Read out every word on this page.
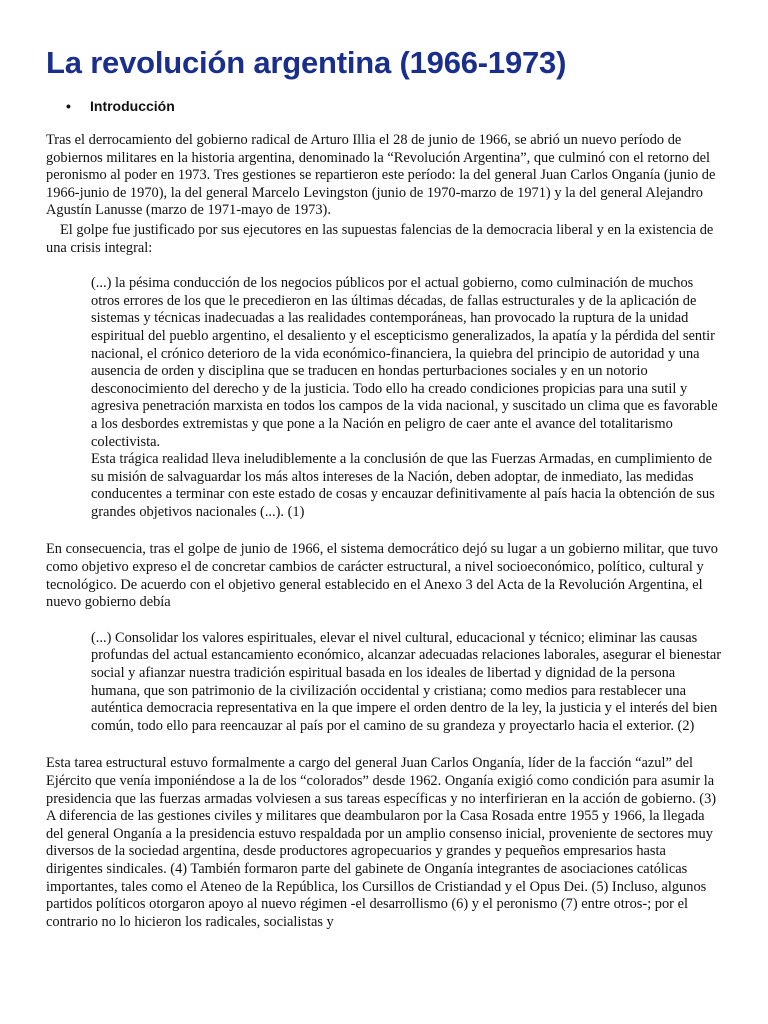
La revolución argentina (1966-1973)
• Introducción

Tras el derrocamiento del gobierno radical de Arturo Illia el 28 de junio de 1966, se abrió un nuevo período de gobiernos militares en la historia argentina, denominado la “Revolución Argentina”, que culminó con el retorno del peronismo al poder en 1973. Tres gestiones se repartieron este período: la del general Juan Carlos Onganía (junio de 1966-junio de 1970), la del general Marcelo Levingston (junio de 1970-marzo de 1971) y la del general Alejandro Agustín Lanusse (marzo de 1971-mayo de 1973).

El golpe fue justificado por sus ejecutores en las supuestas falencias de la democracia liberal y en la existencia de una crisis integral:

(...) la pésima conducción de los negocios públicos por el actual gobierno, como culminación de muchos otros errores de los que le precedieron en las últimas décadas, de fallas estructurales y de la aplicación de sistemas y técnicas inadecuadas a las realidades contemporáneas, han provocado la ruptura de la unidad espiritual del pueblo argentino, el desaliento y el escepticismo generalizados, la apatía y la pérdida del sentir nacional, el crónico deterioro de la vida económico-financiera, la quiebra del principio de autoridad y una ausencia de orden y disciplina que se traducen en hondas perturbaciones sociales y en un notorio desconocimiento del derecho y de la justicia. Todo ello ha creado condiciones propicias para una sutil y agresiva penetración marxista en todos los campos de la vida nacional, y suscitado un clima que es favorable a los desbordes extremistas y que pone a la Nación en peligro de caer ante el avance del totalitarismo colectivista.

Esta trágica realidad lleva ineludiblemente a la conclusión de que las Fuerzas Armadas, en cumplimiento de su misión de salvaguardar los más altos intereses de la Nación, deben adoptar, de inmediato, las medidas conducentes a terminar con este estado de cosas y encauzar definitivamente al país hacia la obtención de sus grandes objetivos nacionales (...). (1)

En consecuencia, tras el golpe de junio de 1966, el sistema democrático dejó su lugar a un gobierno militar, que tuvo como objetivo expreso el de concretar cambios de carácter estructural, a nivel socioeconómico, político, cultural y tecnológico. De acuerdo con el objetivo general establecido en el Anexo 3 del Acta de la Revolución Argentina, el nuevo gobierno debía

(...) Consolidar los valores espirituales, elevar el nivel cultural, educacional y técnico; eliminar las causas profundas del actual estancamiento económico, alcanzar adecuadas relaciones laborales, asegurar el bienestar social y afianzar nuestra tradición espiritual basada en los ideales de libertad y dignidad de la persona humana, que son patrimonio de la civilización occidental y cristiana; como medios para restablecer una auténtica democracia representativa en la que impere el orden dentro de la ley, la justicia y el interés del bien común, todo ello para reencauzar al país por el camino de su grandeza y proyectarlo hacia el exterior. (2)

Esta tarea estructural estuvo formalmente a cargo del general Juan Carlos Onganía, líder de la facción “azul” del Ejército que venía imponiéndose a la de los “colorados” desde 1962. Onganía exigió como condición para asumir la presidencia que las fuerzas armadas volviesen a sus tareas específicas y no interfirieran en la acción de gobierno. (3) A diferencia de las gestiones civiles y militares que deambularon por la Casa Rosada entre 1955 y 1966, la llegada del general Onganía a la presidencia estuvo respaldada por un amplio consenso inicial, proveniente de sectores muy diversos de la sociedad argentina, desde productores agropecuarios y grandes y pequeños empresarios hasta dirigentes sindicales. (4) También formaron parte del gabinete de Onganía integrantes de asociaciones católicas importantes, tales como el Ateneo de la República, los Cursillos de Cristiandad y el Opus Dei. (5) Incluso, algunos partidos políticos otorgaron apoyo al nuevo régimen -el desarrollismo (6) y el peronismo (7) entre otros-; por el contrario no lo hicieron los radicales, socialistas y
